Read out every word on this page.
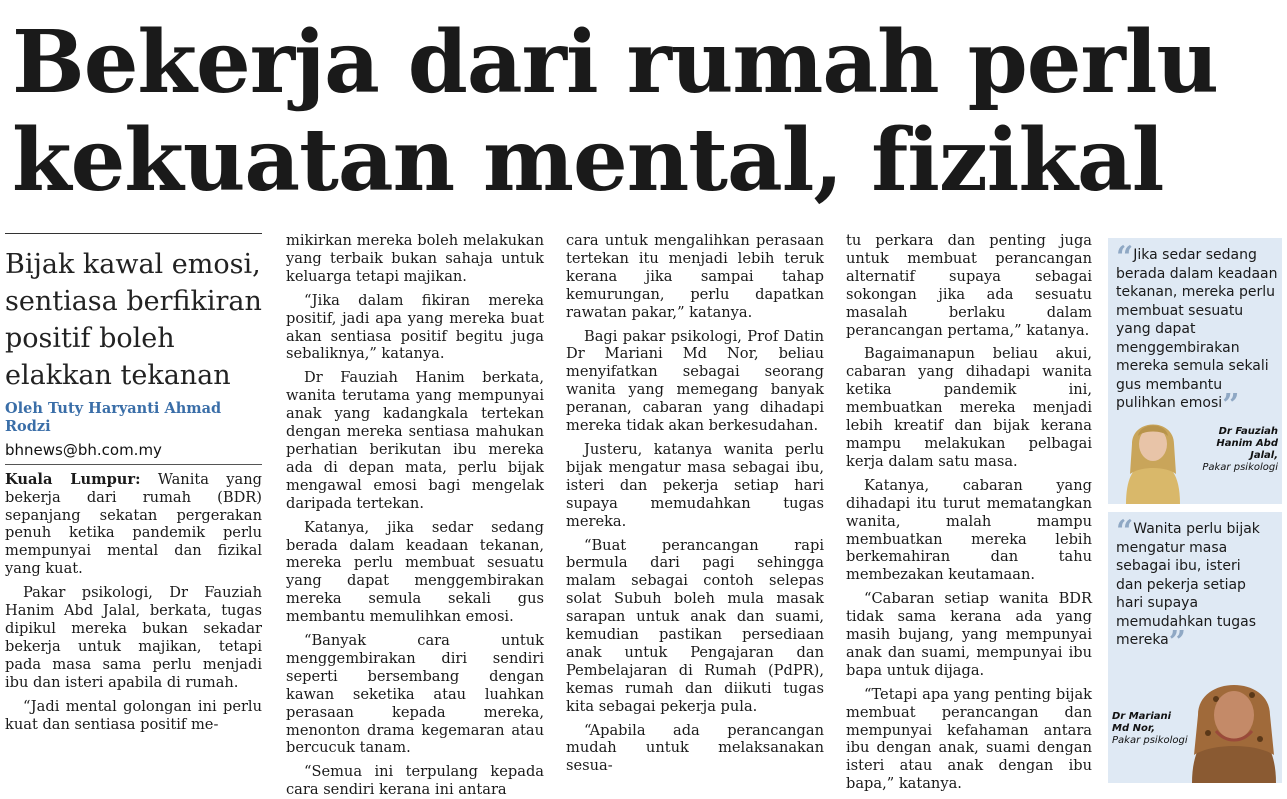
Bekerja dari rumah perlu
kekuatan mental, fizikal

Bijak kawal emosi, sentiasa berfikiran positif boleh elakkan tekanan

Oleh Tuty Haryanti Ahmad Rodzi

bhnews@bh.com.my

Kuala Lumpur: Wanita yang bekerja dari rumah (BDR) sepanjang sekatan pergerakan penuh ketika pandemik perlu mempunyai mental dan fizikal yang kuat.

Pakar psikologi, Dr Fauziah Hanim Abd Jalal, berkata, tugas dipikul mereka bukan sekadar bekerja untuk majikan, tetapi pada masa sama perlu menjadi ibu dan isteri apabila di rumah.

“Jadi mental golongan ini perlu kuat dan sentiasa positif me-

mikirkan mereka boleh melakukan yang terbaik bukan sahaja untuk keluarga tetapi majikan.

“Jika dalam fikiran mereka positif, jadi apa yang mereka buat akan sentiasa positif begitu juga sebaliknya,” katanya.

Dr Fauziah Hanim berkata, wanita terutama yang mempunyai anak yang kadangkala tertekan dengan mereka sentiasa mahukan perhatian berikutan ibu mereka ada di depan mata, perlu bijak mengawal emosi bagi mengelak daripada tertekan.

Katanya, jika sedar sedang berada dalam keadaan tekanan, mereka perlu membuat sesuatu yang dapat menggembirakan mereka semula sekali gus membantu memulihkan emosi.

“Banyak cara untuk menggembirakan diri sendiri seperti bersembang dengan kawan seketika atau luahkan perasaan kepada mereka, menonton drama kegemaran atau bercucuk tanam.

“Semua ini terpulang kepada cara sendiri kerana ini antara

cara untuk mengalihkan perasaan tertekan itu menjadi lebih teruk kerana jika sampai tahap kemurungan, perlu dapatkan rawatan pakar,” katanya.

Bagi pakar psikologi, Prof Datin Dr Mariani Md Nor, beliau menyifatkan sebagai seorang wanita yang memegang banyak peranan, cabaran yang dihadapi mereka tidak akan berkesudahan.

Justeru, katanya wanita perlu bijak mengatur masa sebagai ibu, isteri dan pekerja setiap hari supaya memudahkan tugas mereka.

“Buat perancangan rapi bermula dari pagi sehingga malam sebagai contoh selepas solat Subuh boleh mula masak sarapan untuk anak dan suami, kemudian pastikan persediaan anak untuk Pengajaran dan Pembelajaran di Rumah (PdPR), kemas rumah dan diikuti tugas kita sebagai pekerja pula.

“Apabila ada perancangan mudah untuk melaksanakan sesua-

tu perkara dan penting juga untuk membuat perancangan alternatif supaya sebagai sokongan jika ada sesuatu masalah berlaku dalam perancangan pertama,” katanya.

Bagaimanapun beliau akui, cabaran yang dihadapi wanita ketika pandemik ini, membuatkan mereka menjadi lebih kreatif dan bijak kerana mampu melakukan pelbagai kerja dalam satu masa.

Katanya, cabaran yang dihadapi itu turut mematangkan wanita, malah mampu membuatkan mereka lebih berkemahiran dan tahu membezakan keutamaan.

“Cabaran setiap wanita BDR tidak sama kerana ada yang masih bujang, yang mempunyai anak dan suami, mempunyai ibu bapa untuk dijaga.

“Tetapi apa yang penting bijak membuat perancangan dan mempunyai kefahaman antara ibu dengan anak, suami dengan isteri atau anak dengan ibu bapa,” katanya.

“Jika sedar sedang berada dalam keadaan tekanan, mereka perlu membuat sesuatu yang dapat menggembirakan mereka semula sekali gus membantu pulihkan emosi”
Dr Fauziah Hanim Abd Jalal,
Pakar psikologi
“Wanita perlu bijak mengatur masa sebagai ibu, isteri dan pekerja setiap hari supaya memudahkan tugas mereka”
Dr Mariani
Md Nor,
Pakar psikologi
